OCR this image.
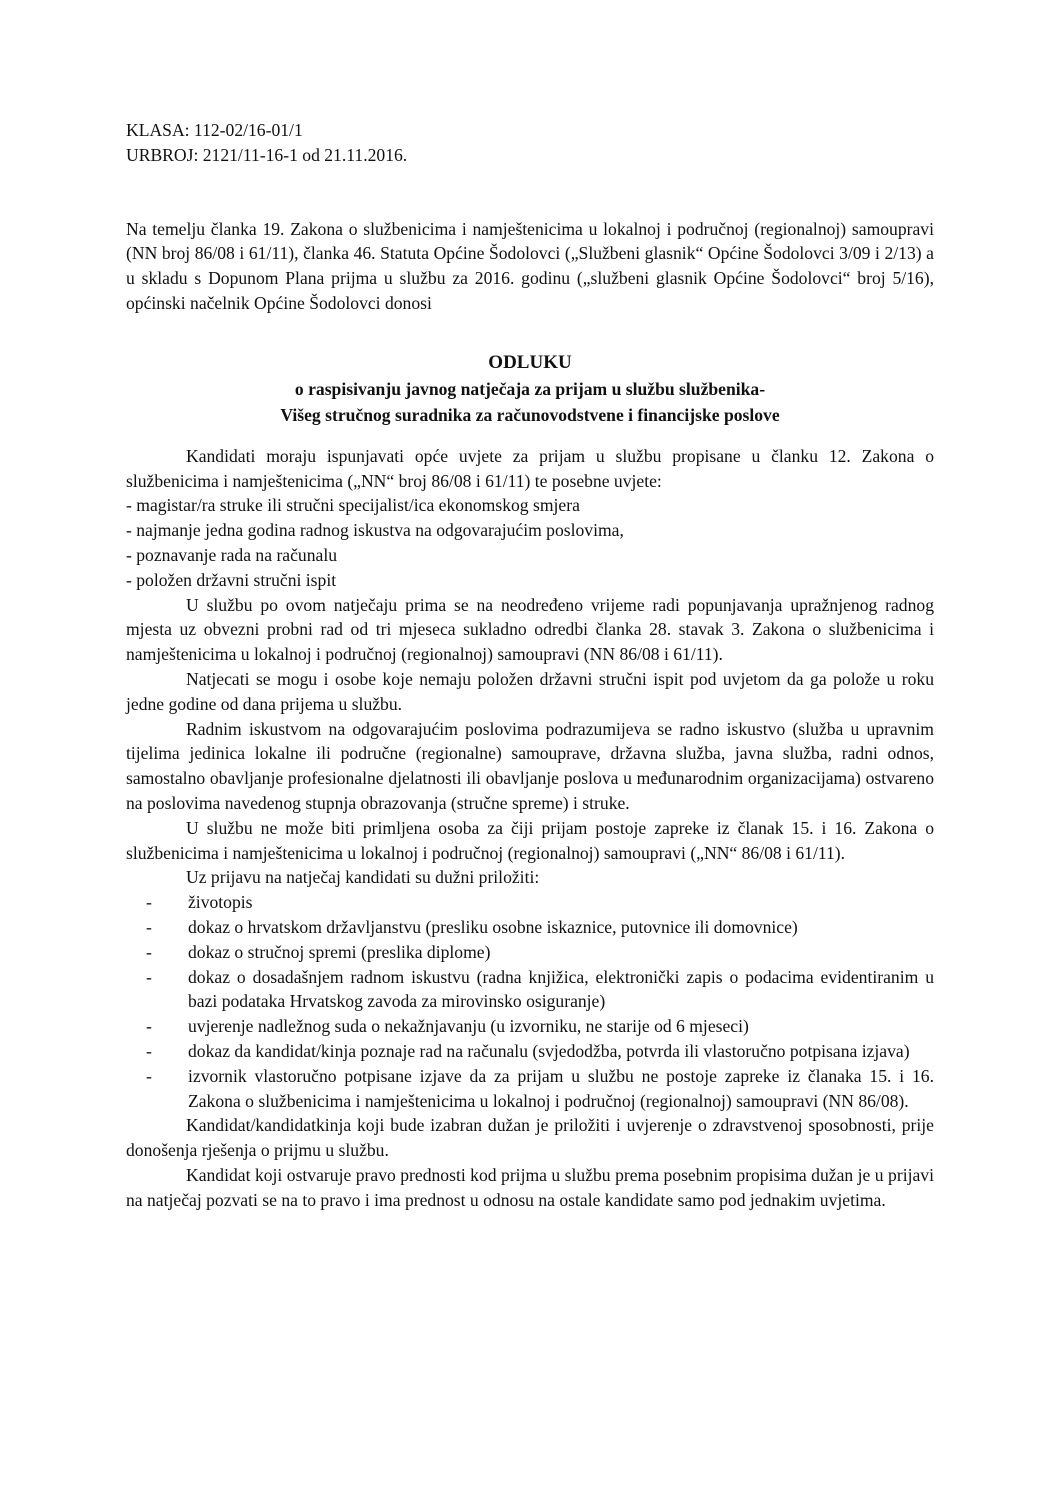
KLASA: 112-02/16-01/1

URBROJ: 2121/11-16-1 od 21.11.2016.

Na temelju članka 19. Zakona o službenicima i namještenicima u lokalnoj i područnoj (regionalnoj) samoupravi (NN broj 86/08 i 61/11), članka 46. Statuta Općine Šodolovci („Službeni glasnik“ Općine Šodolovci 3/09 i 2/13) a u skladu s Dopunom Plana prijma u službu za 2016. godinu („službeni glasnik Općine Šodolovci“ broj 5/16), općinski načelnik Općine Šodolovci donosi

ODLUKU

o raspisivanju javnog natječaja za prijam u službu službenika-

Višeg stručnog suradnika za računovodstvene i financijske poslove

Kandidati moraju ispunjavati opće uvjete za prijam u službu propisane u članku 12. Zakona o službenicima i namještenicima („NN“ broj 86/08 i 61/11) te posebne uvjete:

- magistar/ra struke ili stručni specijalist/ica ekonomskog smjera

- najmanje jedna godina radnog iskustva na odgovarajućim poslovima,

- poznavanje rada na računalu

- položen državni stručni ispit

U službu po ovom natječaju prima se na neodređeno vrijeme radi popunjavanja upražnjenog radnog mjesta uz obvezni probni rad od tri mjeseca sukladno odredbi članka 28. stavak 3. Zakona o službenicima i namještenicima u lokalnoj i područnoj (regionalnoj) samoupravi (NN 86/08 i 61/11).

Natjecati se mogu i osobe koje nemaju položen državni stručni ispit pod uvjetom da ga polože u roku jedne godine od dana prijema u službu.

Radnim iskustvom na odgovarajućim poslovima podrazumijeva se radno iskustvo (služba u upravnim tijelima jedinica lokalne ili područne (regionalne) samouprave, državna služba, javna služba, radni odnos, samostalno obavljanje profesionalne djelatnosti ili obavljanje poslova u međunarodnim organizacijama) ostvareno na poslovima navedenog stupnja obrazovanja (stručne spreme) i struke.

U službu ne može biti primljena osoba za čiji prijam postoje zapreke iz članak 15. i 16. Zakona o službenicima i namještenicima u lokalnoj i područnoj (regionalnoj) samoupravi („NN“ 86/08 i 61/11).

Uz prijavu na natječaj kandidati su dužni priložiti:

- životopis
- dokaz o hrvatskom državljanstvu (presliku osobne iskaznice, putovnice ili domovnice)
- dokaz o stručnoj spremi (preslika diplome)
- dokaz o dosadašnjem radnom iskustvu (radna knjižica, elektronički zapis o podacima evidentiranim u bazi podataka Hrvatskog zavoda za mirovinsko osiguranje)
- uvjerenje nadležnog suda o nekažnjavanju (u izvorniku, ne starije od 6 mjeseci)
- dokaz da kandidat/kinja poznaje rad na računalu (svjedodžba, potvrda ili vlastoručno potpisana izjava)
- izvornik vlastoručno potpisane izjave da za prijam u službu ne postoje zapreke iz članaka 15. i 16. Zakona o službenicima i namještenicima u lokalnoj i područnoj (regionalnoj) samoupravi (NN 86/08).

Kandidat/kandidatkinja koji bude izabran dužan je priložiti i uvjerenje o zdravstvenoj sposobnosti, prije donošenja rješenja o prijmu u službu.

Kandidat koji ostvaruje pravo prednosti kod prijma u službu prema posebnim propisima dužan je u prijavi na natječaj pozvati se na to pravo i ima prednost u odnosu na ostale kandidate samo pod jednakim uvjetima.
